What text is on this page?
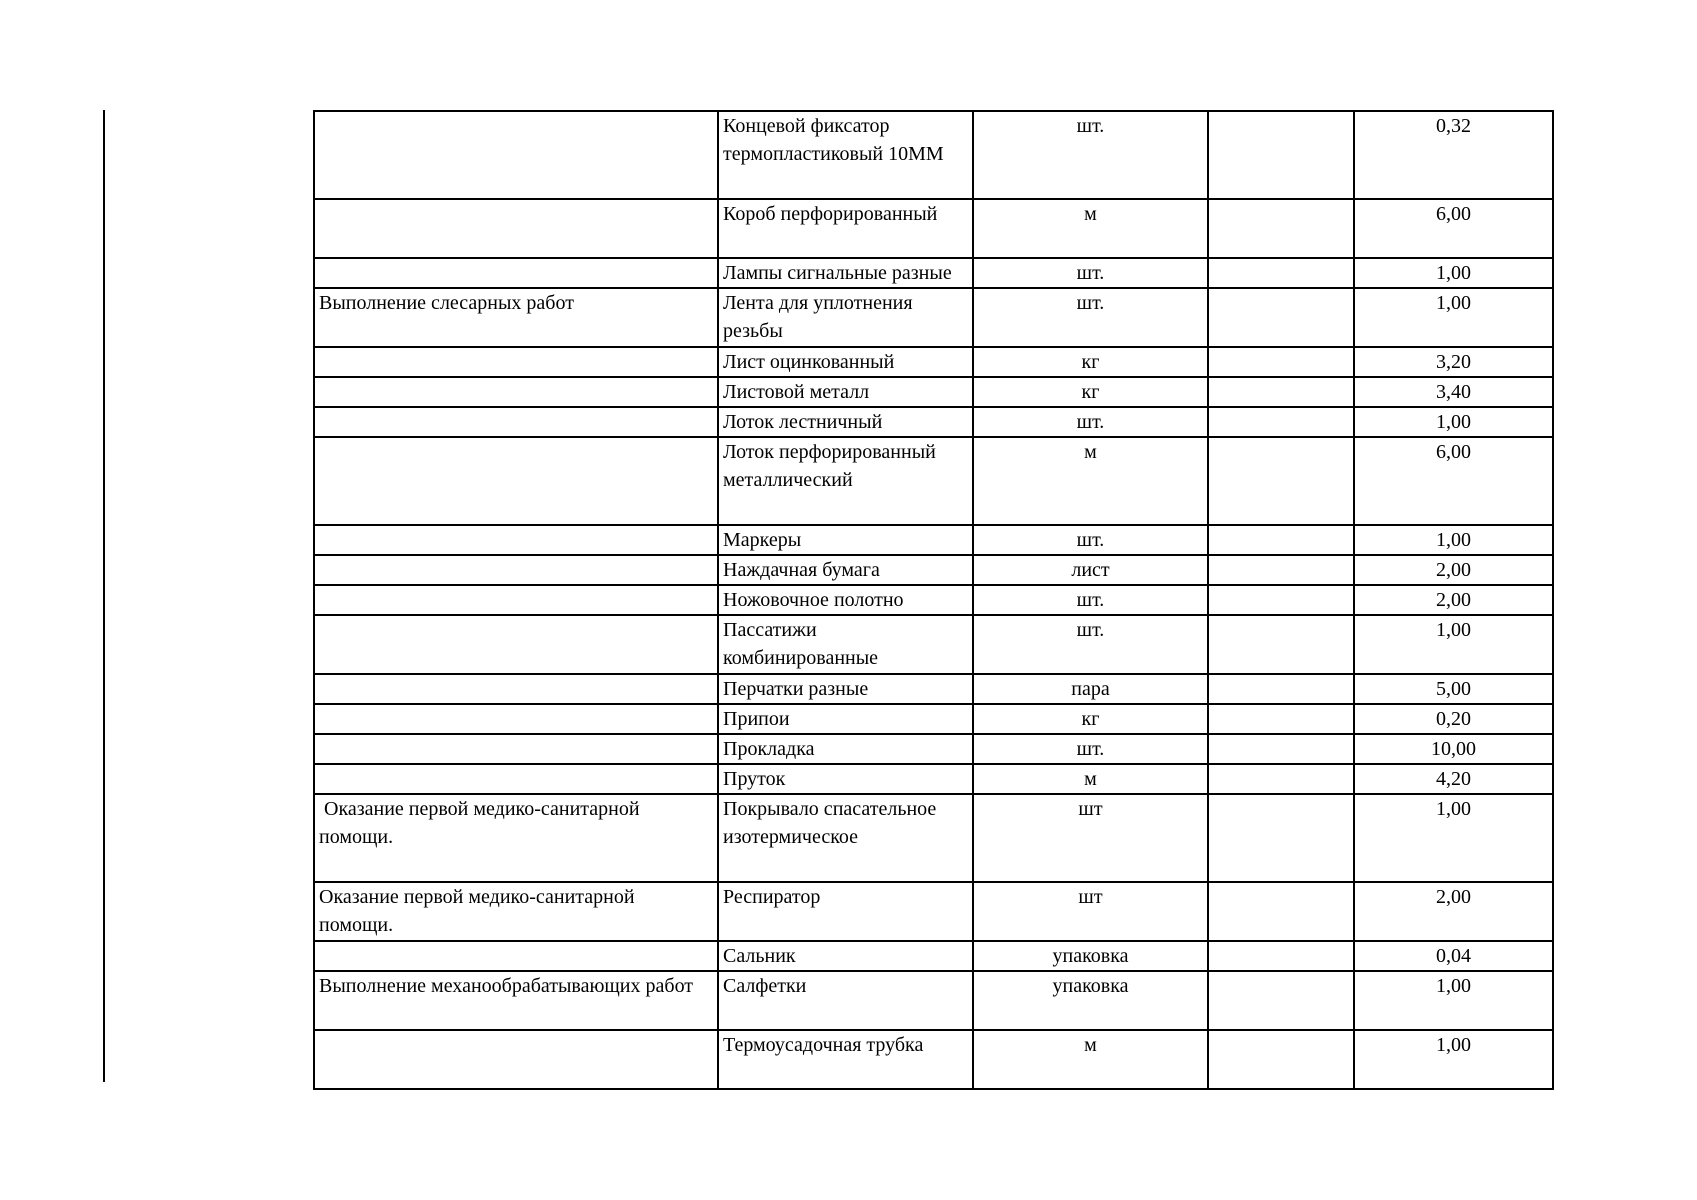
	Концевой фиксатор термопластиковый 10ММ	шт.		0,32
	Короб перфорированный	м		6,00
	Лампы сигнальные разные	шт.		1,00
Выполнение слесарных работ	Лента для уплотнения резьбы	шт.		1,00
	Лист оцинкованный	кг		3,20
	Листовой металл	кг		3,40
	Лоток лестничный	шт.		1,00
	Лоток перфорированный металлический	м		6,00
	Маркеры	шт.		1,00
	Наждачная бумага	лист		2,00
	Ножовочное полотно	шт.		2,00
	Пассатижи комбинированные	шт.		1,00
	Перчатки разные	пара		5,00
	Припои	кг		0,20
	Прокладка	шт.		10,00
	Пруток	м		4,20
Оказание первой медико-санитарной помощи.	Покрывало спасательное изотермическое	шт		1,00
Оказание первой медико-санитарной помощи.	Респиратор	шт		2,00
	Сальник	упаковка		0,04
Выполнение механообрабатывающих работ	Салфетки	упаковка		1,00
	Термоусадочная трубка	м		1,00
